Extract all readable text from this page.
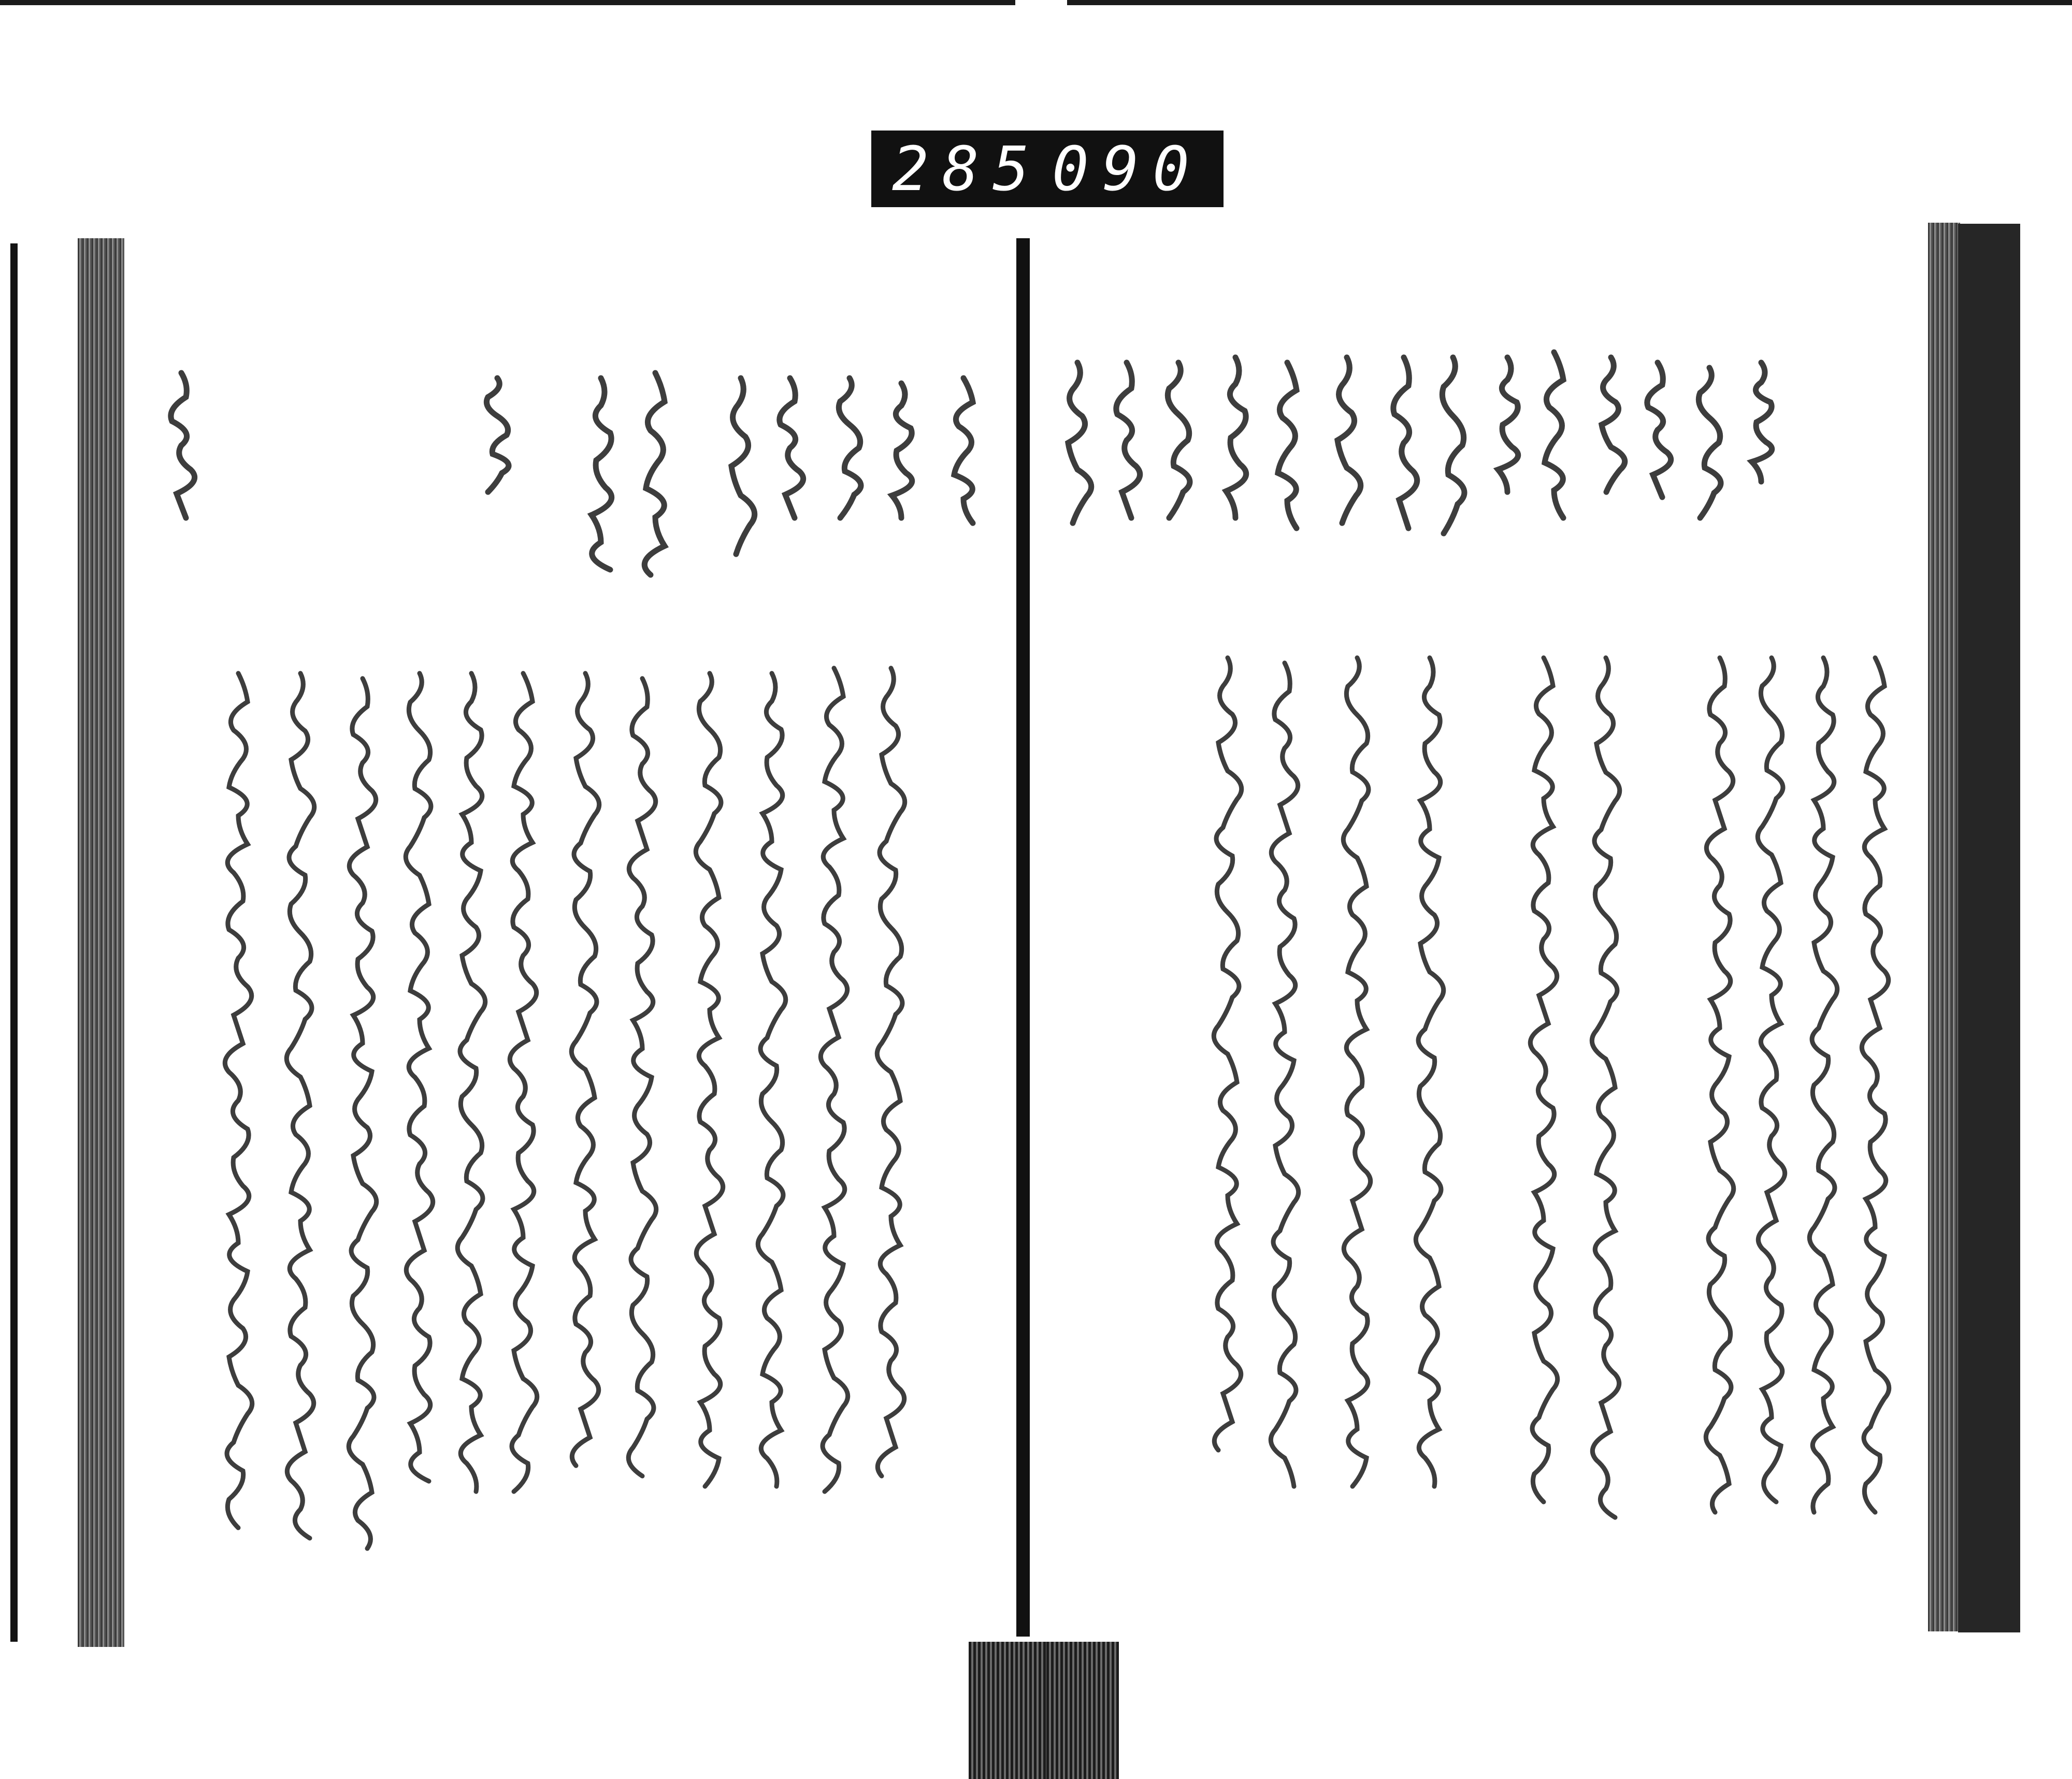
285 090
